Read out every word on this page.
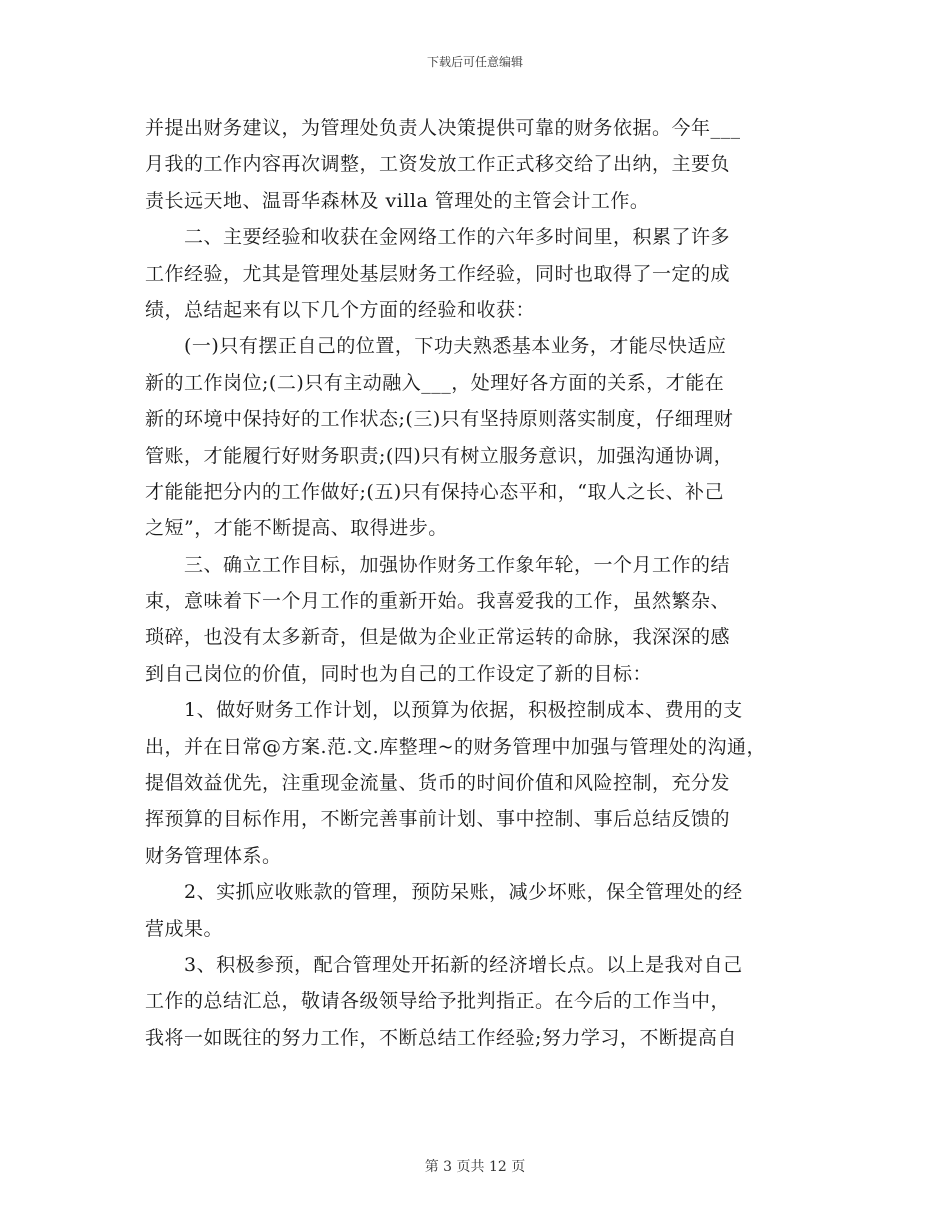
下载后可任意编辑
并提出财务建议，为管理处负责人决策提供可靠的财务依据。今年___
月我的工作内容再次调整，工资发放工作正式移交给了出纳，主要负
责长远天地、温哥华森林及 villa 管理处的主管会计工作。
　　二、主要经验和收获在金网络工作的六年多时间里，积累了许多
工作经验，尤其是管理处基层财务工作经验，同时也取得了一定的成
绩，总结起来有以下几个方面的经验和收获：
　　(一)只有摆正自己的位置，下功夫熟悉基本业务，才能尽快适应
新的工作岗位;(二)只有主动融入___，处理好各方面的关系，才能在
新的环境中保持好的工作状态;(三)只有坚持原则落实制度，仔细理财
管账，才能履行好财务职责;(四)只有树立服务意识，加强沟通协调，
才能能把分内的工作做好;(五)只有保持心态平和，“取人之长、补己
之短”，才能不断提高、取得进步。
　　三、确立工作目标，加强协作财务工作象年轮，一个月工作的结
束，意味着下一个月工作的重新开始。我喜爱我的工作，虽然繁杂、
琐碎，也没有太多新奇，但是做为企业正常运转的命脉，我深深的感
到自己岗位的价值，同时也为自己的工作设定了新的目标：
　　1、做好财务工作计划，以预算为依据，积极控制成本、费用的支
出，并在日常@方案.范.文.库整理~的财务管理中加强与管理处的沟通，
提倡效益优先，注重现金流量、货币的时间价值和风险控制，充分发
挥预算的目标作用，不断完善事前计划、事中控制、事后总结反馈的
财务管理体系。
　　2、实抓应收账款的管理，预防呆账，减少坏账，保全管理处的经
营成果。
　　3、积极参预，配合管理处开拓新的经济增长点。以上是我对自己
工作的总结汇总，敬请各级领导给予批判指正。在今后的工作当中，
我将一如既往的努力工作，不断总结工作经验;努力学习，不断提高自
第 3 页共 12 页
